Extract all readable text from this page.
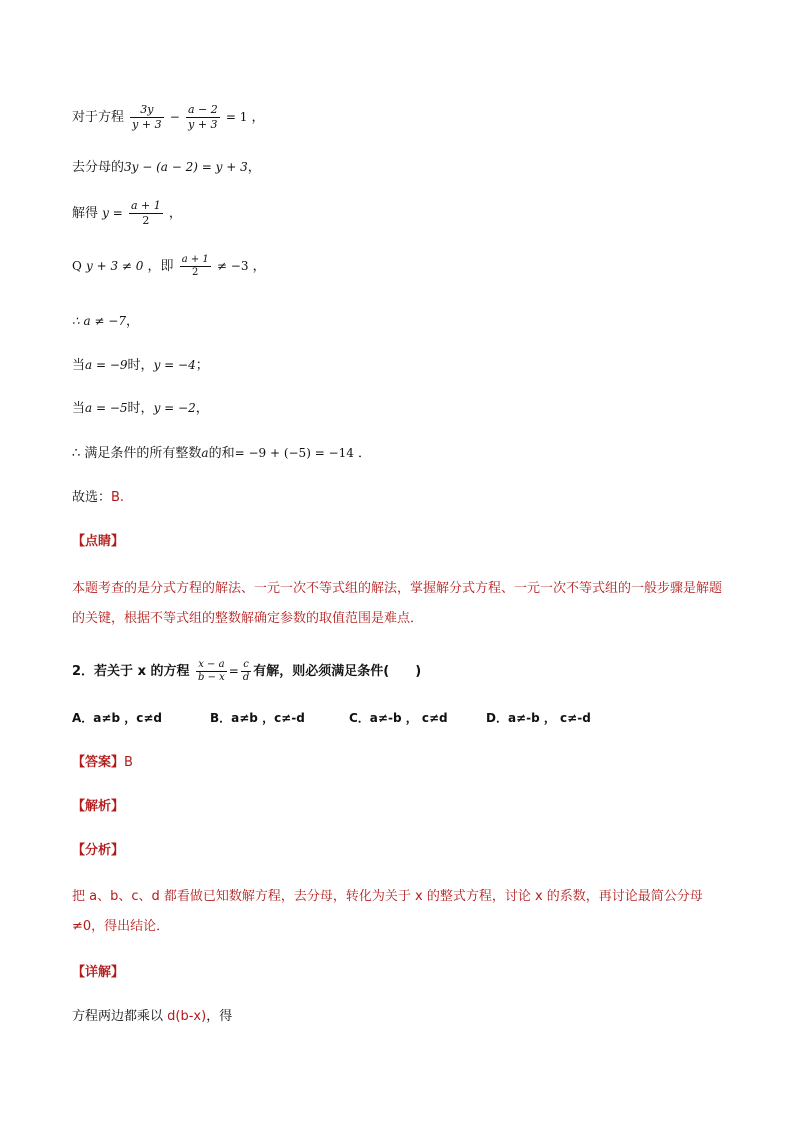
对于方程 $\frac{3y}{y + 3} - \frac{a - 2}{y + 3} = 1$ ，
去分母的3y − (a − 2) = y + 3，
解得 $y = \frac{a + 1}{2}$ ，
Q y + 3 ≠ 0 ，即 $\frac{a + 1}{2} \ne -3$ ，
∴ a ≠ −7，
当a = −9时，y = −4；
当a = −5时，y = −2，
∴ 满足条件的所有整数a的和= −9 + (−5) = −14 ．
故选：B.
【点睛】
本题考查的是分式方程的解法、一元一次不等式组的解法，掌握解分式方程、一元一次不等式组的一般步骤是解题的关键，根据不等式组的整数解确定参数的取值范围是难点．
2．若关于 x 的方程 $\frac{x - a}{b - x} = \frac{c}{d}$ 有解，则必须满足条件(　　)
A．a≠b ，c≠d	B．a≠b ，c≠-d	C．a≠-b ， c≠d	D．a≠-b ， c≠-d
【答案】B
【解析】
【分析】
把 a、b、c、d 都看做已知数解方程，去分母，转化为关于 x 的整式方程，讨论 x 的系数，再讨论最简公分母≠0，得出结论．
【详解】
方程两边都乘以 d(b-x)，得
